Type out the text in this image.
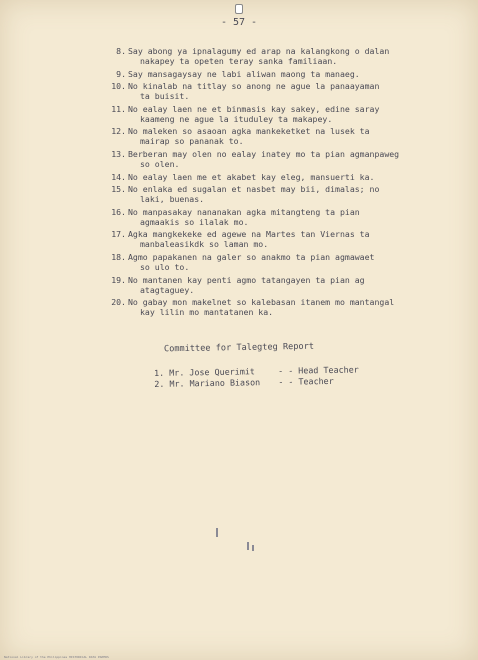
- 57 -
8. Say abong ya ipnalagumy ed arap na kalangkong o dalan
nakapey ta opeten teray sanka familiaan.
9. Say mansagaysay ne labi aliwan maong ta manaeg.
10. No kinalab na titlay so anong ne ague la panaayaman
ta buisit.
11. No ealay laen ne et binmasis kay sakey, edine saray
kaameng ne ague la ituduley ta makapey.
12. No maleken so asaoan agka mankeketket na lusek ta
mairap so pananak to.
13. Berberan may olen no ealay inatey mo ta pian agmanpaweg
so olen.
14. No ealay laen me et akabet kay eleg, mansuerti ka.
15. No enlaka ed sugalan et nasbet may bii, dimalas; no
laki, buenas.
16. No manpasakay nananakan agka mitangteng ta pian
agmaakis so ilalak mo.
17. Agka mangkekeke ed agewe na Martes tan Viernas ta
manbaleasikdk so laman mo.
18. Agmo papakanen na galer so anakmo ta pian agmawaet
so ulo to.
19. No mantanen kay penti agmo tatangayen ta pian ag
atagtaguey.
20. No gabay mon makelnet so kalebasan itanem mo mantangal
kay lilin mo mantatanen ka.
Committee for Talegteg Report
1. Mr. Jose Querimit	- - Head Teacher
2. Mr. Mariano Biason	- - Teacher
National Library of the Philippines HISTORICAL DATA PAPERS
